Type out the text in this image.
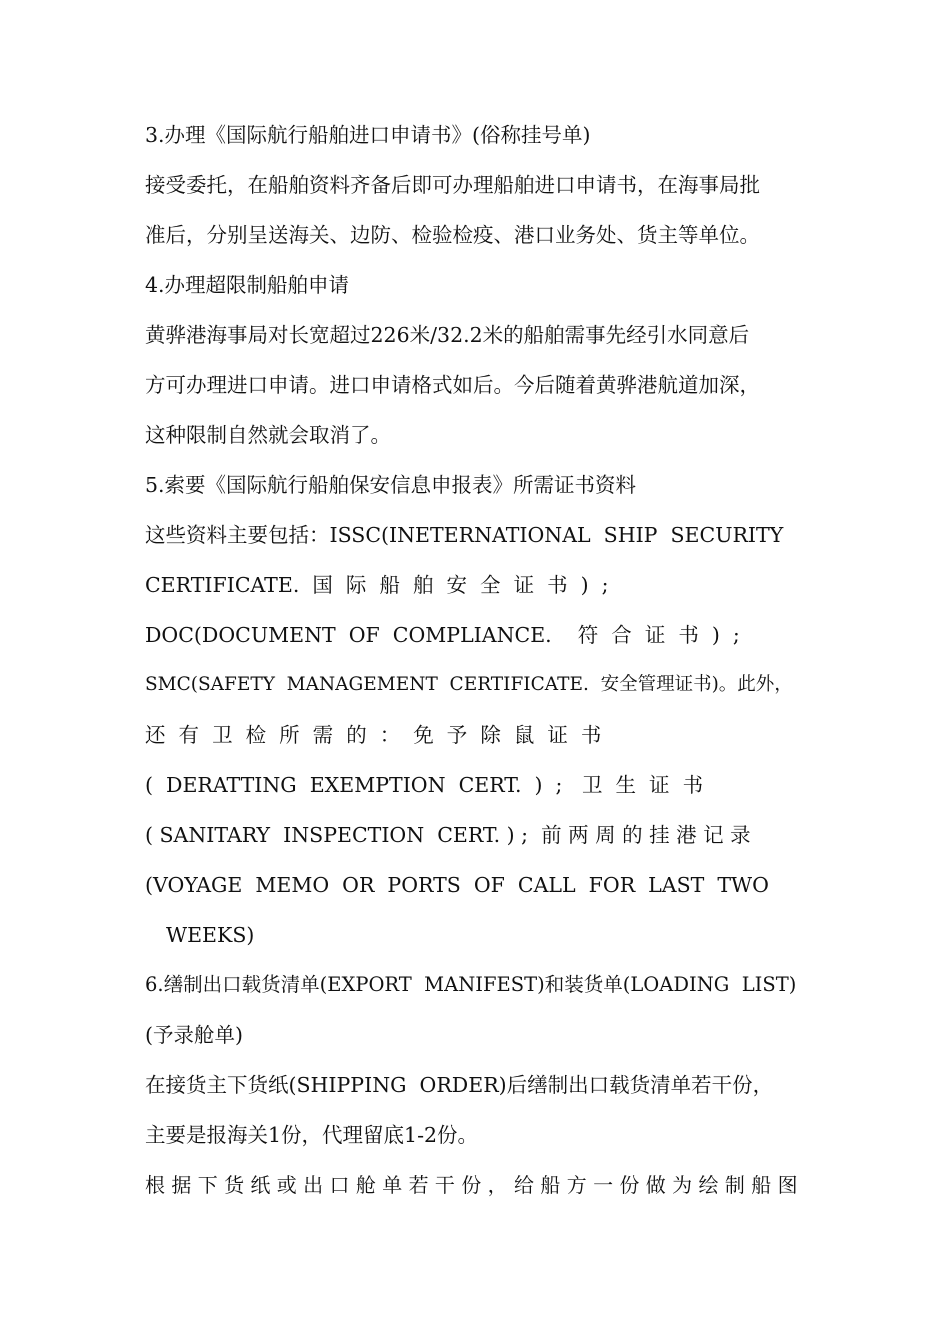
3.办理《国际航行船舶进口申请书》(俗称挂号单)
接受委托，在船舶资料齐备后即可办理船舶进口申请书，在海事局批
准后，分别呈送海关、边防、检验检疫、港口业务处、货主等单位。
4.办理超限制船舶申请
黄骅港海事局对长宽超过226米/32.2米的船舶需事先经引水同意后
方可办理进口申请。进口申请格式如后。今后随着黄骅港航道加深，
这种限制自然就会取消了。
5.索要《国际航行船舶保安信息申报表》所需证书资料
这些资料主要包括：ISSC(INETERNATIONAL  SHIP  SECURITY
CERTIFICATE.  国  际  船  舶  安  全  证  书  )  ;
DOC(DOCUMENT  OF  COMPLIANCE.    符  合  证  书  )  ;
SMC(SAFETY  MANAGEMENT  CERTIFICATE.  安全管理证书)。此外，
还  有  卫  检  所  需  的  ：  免  予  除  鼠  证  书
(  DERATTING  EXEMPTION  CERT.  )  ;   卫  生  证  书
( SANITARY  INSPECTION  CERT. ) ;  前 两 周 的 挂 港 记 录
(VOYAGE  MEMO  OR  PORTS  OF  CALL  FOR  LAST  TWO
WEEKS)
6.缮制出口载货清单(EXPORT  MANIFEST)和装货单(LOADING  LIST)
(予录舱单)
在接货主下货纸(SHIPPING  ORDER)后缮制出口载货清单若干份，
主要是报海关1份，代理留底1-2份。
根 据 下 货 纸 或 出 口 舱 单 若 干 份 ， 给 船 方 一 份 做 为 绘 制 船 图
